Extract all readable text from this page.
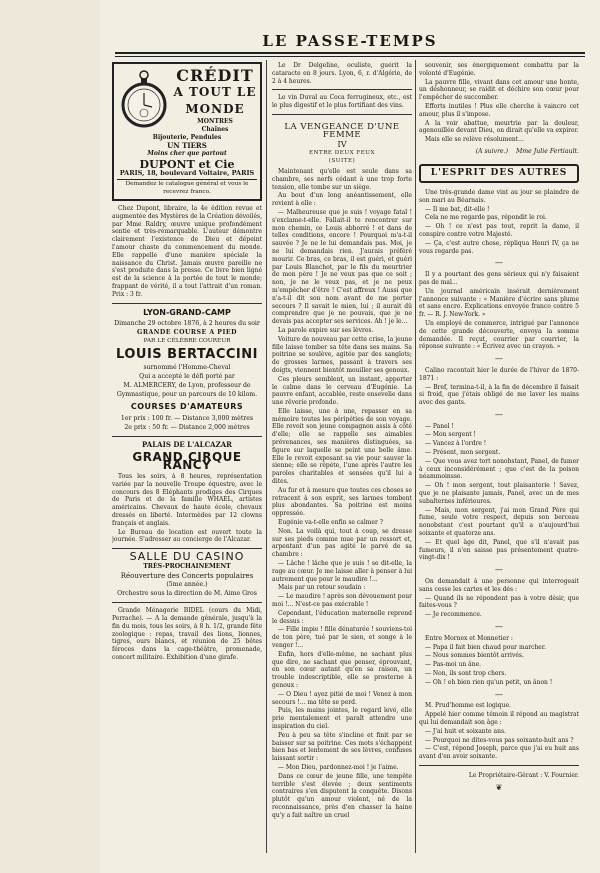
LE PASSE-TEMPS
CRÉDIT
A TOUT LE MONDE
MONTRES
Chaînes
Bijouterie, Pendules
UN TIERS
Moins cher que partout
DUPONT et Cie
PARIS, 18, boulevard Voltaire, PARIS
Demandez le catalogue général et vous le recevrez franco.

Chez Dupont, libraire, la 4e édition revue et augmentée des Mystères de la Création dévoilés, par Mme Raldry, œuvre unique profondément sentie et très-remarquable. L'auteur démontre clairement l'existence de Dieu et dépeint l'amour chaste du commencement du monde. Elle rappelle d'une manière spéciale la naissance du Christ. Jamais œuvre pareille ne s'est produite dans la presse. Ce livre bien ligné est de la science à la portée de tout le monde; frappant de vérité, il a tout l'attrait d'un roman. Prix : 3 fr.

LYON-GRAND-CAMP
Dimanche 29 octobre 1876, à 2 heures du soir
GRANDE COURSE A PIED
PAR LE CÉLÈBRE COUREUR
LOUIS BERTACCINI
surnommé l'Homme-Cheval
Qui a accepté le défi porté par
M. ALMERCERY, de Lyon, professeur de
Gymnastique, pour un parcours de 10 kilom.
COURSES D'AMATEURS
1er prix : 100 fr. — Distance 3,000 mètres
2e prix : 50 fr. — Distance 2,000 mètres
PALAIS DE L'ALCAZAR
GRAND CIRQUE RANCY

Tous les soirs, à 8 heures, représentation variée par la nouvelle Troupe équestre, avec le concours des 8 Eléphants prodiges des Cirques de Paris et de la famille WHAEL, artistes américains. Chevaux de haute école, chevaux dressés en liberté. Intermèdes par 12 clowns français et anglais.

Le Bureau de location est ouvert toute la journée. S'adresser au concierge de l'Alcazar.

SALLE DU CASINO
TRÈS-PROCHAINEMENT
Réouverture des Concerts populaires
(5me année.)
Orchestre sous la direction de M. Aime Gros

Grande Ménagerie BIDEL (cours du Midi, Perrache). — A la demande générale, jusqu'à la fin du mois, tous les soirs, à 8 h. 1/2, grande fête zoologique : repas, travail des lions, lionnes, tigres, ours blancs, et réunion de 25 bêtes féroces dans la cage-théâtre, promenade, concert militaire. Exhibition d'une girafe.

Le Dr Delgeline, oculiste, guérit la cataracte en 8 jours. Lyon, 6, r. d'Algérie, de 2 à 4 heures.

Le vin Duval au Coca ferrugineux, etc., est le plus digestif et le plus fortifiant des vins.

LA VENGEANCE D'UNE FEMME
IV
ENTRE DEUX FEUX
(SUITE)

Maintenant qu'elle est seule dans sa chambre, ses nerfs cédant à une trop forte tension, elle tombe sur un siège.

Au bout d'un long anéantissement, elle revient à elle :

— Malheureuse que je suis ! voyage fatal ! s'exclame-t-elle. Fallait-il te rencontrer sur mon chemin, ce Louis abhorré ! et dans de telles conditions, encore ! Pourquoi m'a-t-il sauvée ? Je ne le lui demandais pas. Moi, je ne lui demandais rien. J'aurais préféré mourir. Ce bras, ce bras, il est guéri, et guéri par Louis Blanchot, par le fils du meurtrier de mon père ! Je ne veux pas que ce soit ; non, je ne le veux pas, et je ne peux m'empêcher d'être ! C'est affreux ! Aussi que n'a-t-il dit son nom avant de me porter secours ? Il savait le mien, lui ; il aurait dû comprendre que je ne pouvais, que je ne devais pas accepter ses services. Ah ! je le...

La parole expire sur ses lèvres.

Voiture de nouveau par cette crise, la jeune fille laisse tomber sa tête dans ses mains. Sa poitrine se soulève, agitée par des sanglots; de grosses larmes, passant à travers ses doigts, viennent bientôt mouiller ses genoux.

Ces pleurs semblent, un instant, apporter le calme dans le cerveau d'Eugénie. La pauvre enfant, accablée, reste ensevelie dans une rêverie profonde.

Elle laisse, une à une, repasser en sa mémoire toutes les péripéties de son voyage. Elle revoit son jeune compagnon assis à côté d'elle; elle se rappelle ses aimables prévenances, ses manières distinguées, sa figure sur laquelle se peint une belle âme. Elle le revoit exposant sa vie pour sauver la sienne; elle se répète, l'une après l'autre les paroles charitables et sensées qu'il lui a dites.

Au fur et à mesure que toutes ces choses se retracent à son esprit, ses larmes tombent plus abondantes. Sa poitrine est moins oppressée.

Eugénie va-t-elle enfin se calmer ?

Non. La voilà qui, tout à coup, se dresse sur ses pieds comme mue par un ressort et, arpentant d'un pas agité le parvé de sa chambre :

— Lâche ! lâche que je suis ! se dit-elle, la rage au cœur. Je me laisse aller à penser à lui autrement que pour le maudire !...

Mais par un retour soudain :

— Le maudire ! après son dévouement pour moi !... N'est-ce pas exécrable !

Cependant, l'éducation maternelle reprend le dessus :

— Fille impie ! fille dénaturée ! souviens-toi de ton père, tué par le sien, et songe à le venger !...

Enfin, hors d'elle-même, ne sachant plus que dire, ne sachant que penser, éprouvant, en son cœur autant qu'en sa raison, un trouble indescriptible, elle se prosterne à genoux :

— O Dieu ! ayez pitié de moi ! Venez à mon secours !... ma tête se perd.

Puis, les mains jointes, le regard levé, elle prie mentalement et paraît attendre une inspiration du ciel.

Peu à peu sa tête s'incline et finit par se baisser sur sa poitrine. Ces mots s'échappent bien bas et lentement de ses lèvres, confuses laissant sortir :

— Mon Dieu, pardonnez-moi ! je l'aime.

Dans ce cœur de jeune fille, une tempête terrible s'est élevée ; deux sentiments contraires s'en disputent la conquête. Disons plutôt qu'un amour violent, né de la reconnaissance, près d'en chasser la haine qu'y a fait naître un cruel

souvenir, ses énergiquement combattu par la volonté d'Eugénie.

La pauvre fille, vivant dans cet amour une honte, un déshonneur, se raidit et déchire son cœur pour l'empêcher de succomber.

Efforts inutiles ! Plus elle cherche à vaincre cet amour, plus il s'impose.

A la voir abattue, meurtrie par la douleur, agenouillée devant Dieu, on dirait qu'elle va expirer.

Mais elle se relève résolument...

(A suivre.) Mme Julie Fertiault.
L'ESPRIT DES AUTRES

Une très-grande dame vint au jour se plaindre de son mari au Béarnais.

— Il me bat, dit-elle !

Cela ne me regarde pas, répondit le roi.

— Oh ! ce n'est pas tout, reprit la dame, il conspire contre votre Majesté.

— Ça, c'est autre chose, répliqua Henri IV, ça ne vous regarde pas.

—

Il y a pourtant des gens sérieux qui n'y faisaient pas de mal...

Un journal américain insérait dernièrement l'annonce suivante : « Manière d'écrire sans plume et sans encre. Explications envoyée franco contre 5 fr. — R. J. New-York. »

Un employé de commerce, intrigué par l'annonce de cette grande découverte, envoya la somme demandée. Il reçut, courrier par courrier, la réponse suivante : « Écrivez avec un crayon. »

—

Calino racontait hier le durée de l'hiver de 1870-1871 :

— Bref, termina-t-il, à la fin de décembre il faisait si froid, que j'étais obligé de me laver les mains avec des gants.

—

— Panel !

— Mon sergent !

— Vancez à l'ordre !

— Présent, mon sergent.

— Que vous avez tort nonobstant, Panel, de fumer à ceux inconsidérément ; que c'est de la poison néammoinsse.

— Oh ! mon sergent, tout plaisanterie ! Savez, que je ne plaisante jamais, Panel, avec un de mes subalternes inférieures.

— Mais, mon sergent, j'ai mon Grand Père qui fume, seule votre respect, depuis son berceau nonobstant c'est pourtant qu'il a n'aujourd'hui soixante et quatorze ans.

— Et quel âge dit, Panel, que s'il n'avait pas fumeurs, il n'en saisse pas présentement quatre-vingt-dix !

—

On demandait à une personne qui interrogeait sans cesse les cartes et les dés :

— Quand ils ne répondent pas à votre désir, que faites-vous ?

— Je recommence.

—

Entre Mornex et Monnetier :

— Papa il fait bien chaud pour marcher.

— Nous sommes bientôt arrivés.

— Pas-moi un âne.

— Non, ils sont trop chers.

— Oh ! eh bien rien qu'un petit, un ânon !

—

M. Prud'homme est logique.

Appelé hier comme témoin il répond au magistrat qui lui demandait son âge :

— J'ai huit et soixante ans.

— Pourquoi ne dites-vous pas soixante-huit ans ?

— C'est, répond Joseph, parce que j'ai eu huit ans avant d'en avoir soixante.

Le Propriétaire-Gérant : V. Fournier.
❦
